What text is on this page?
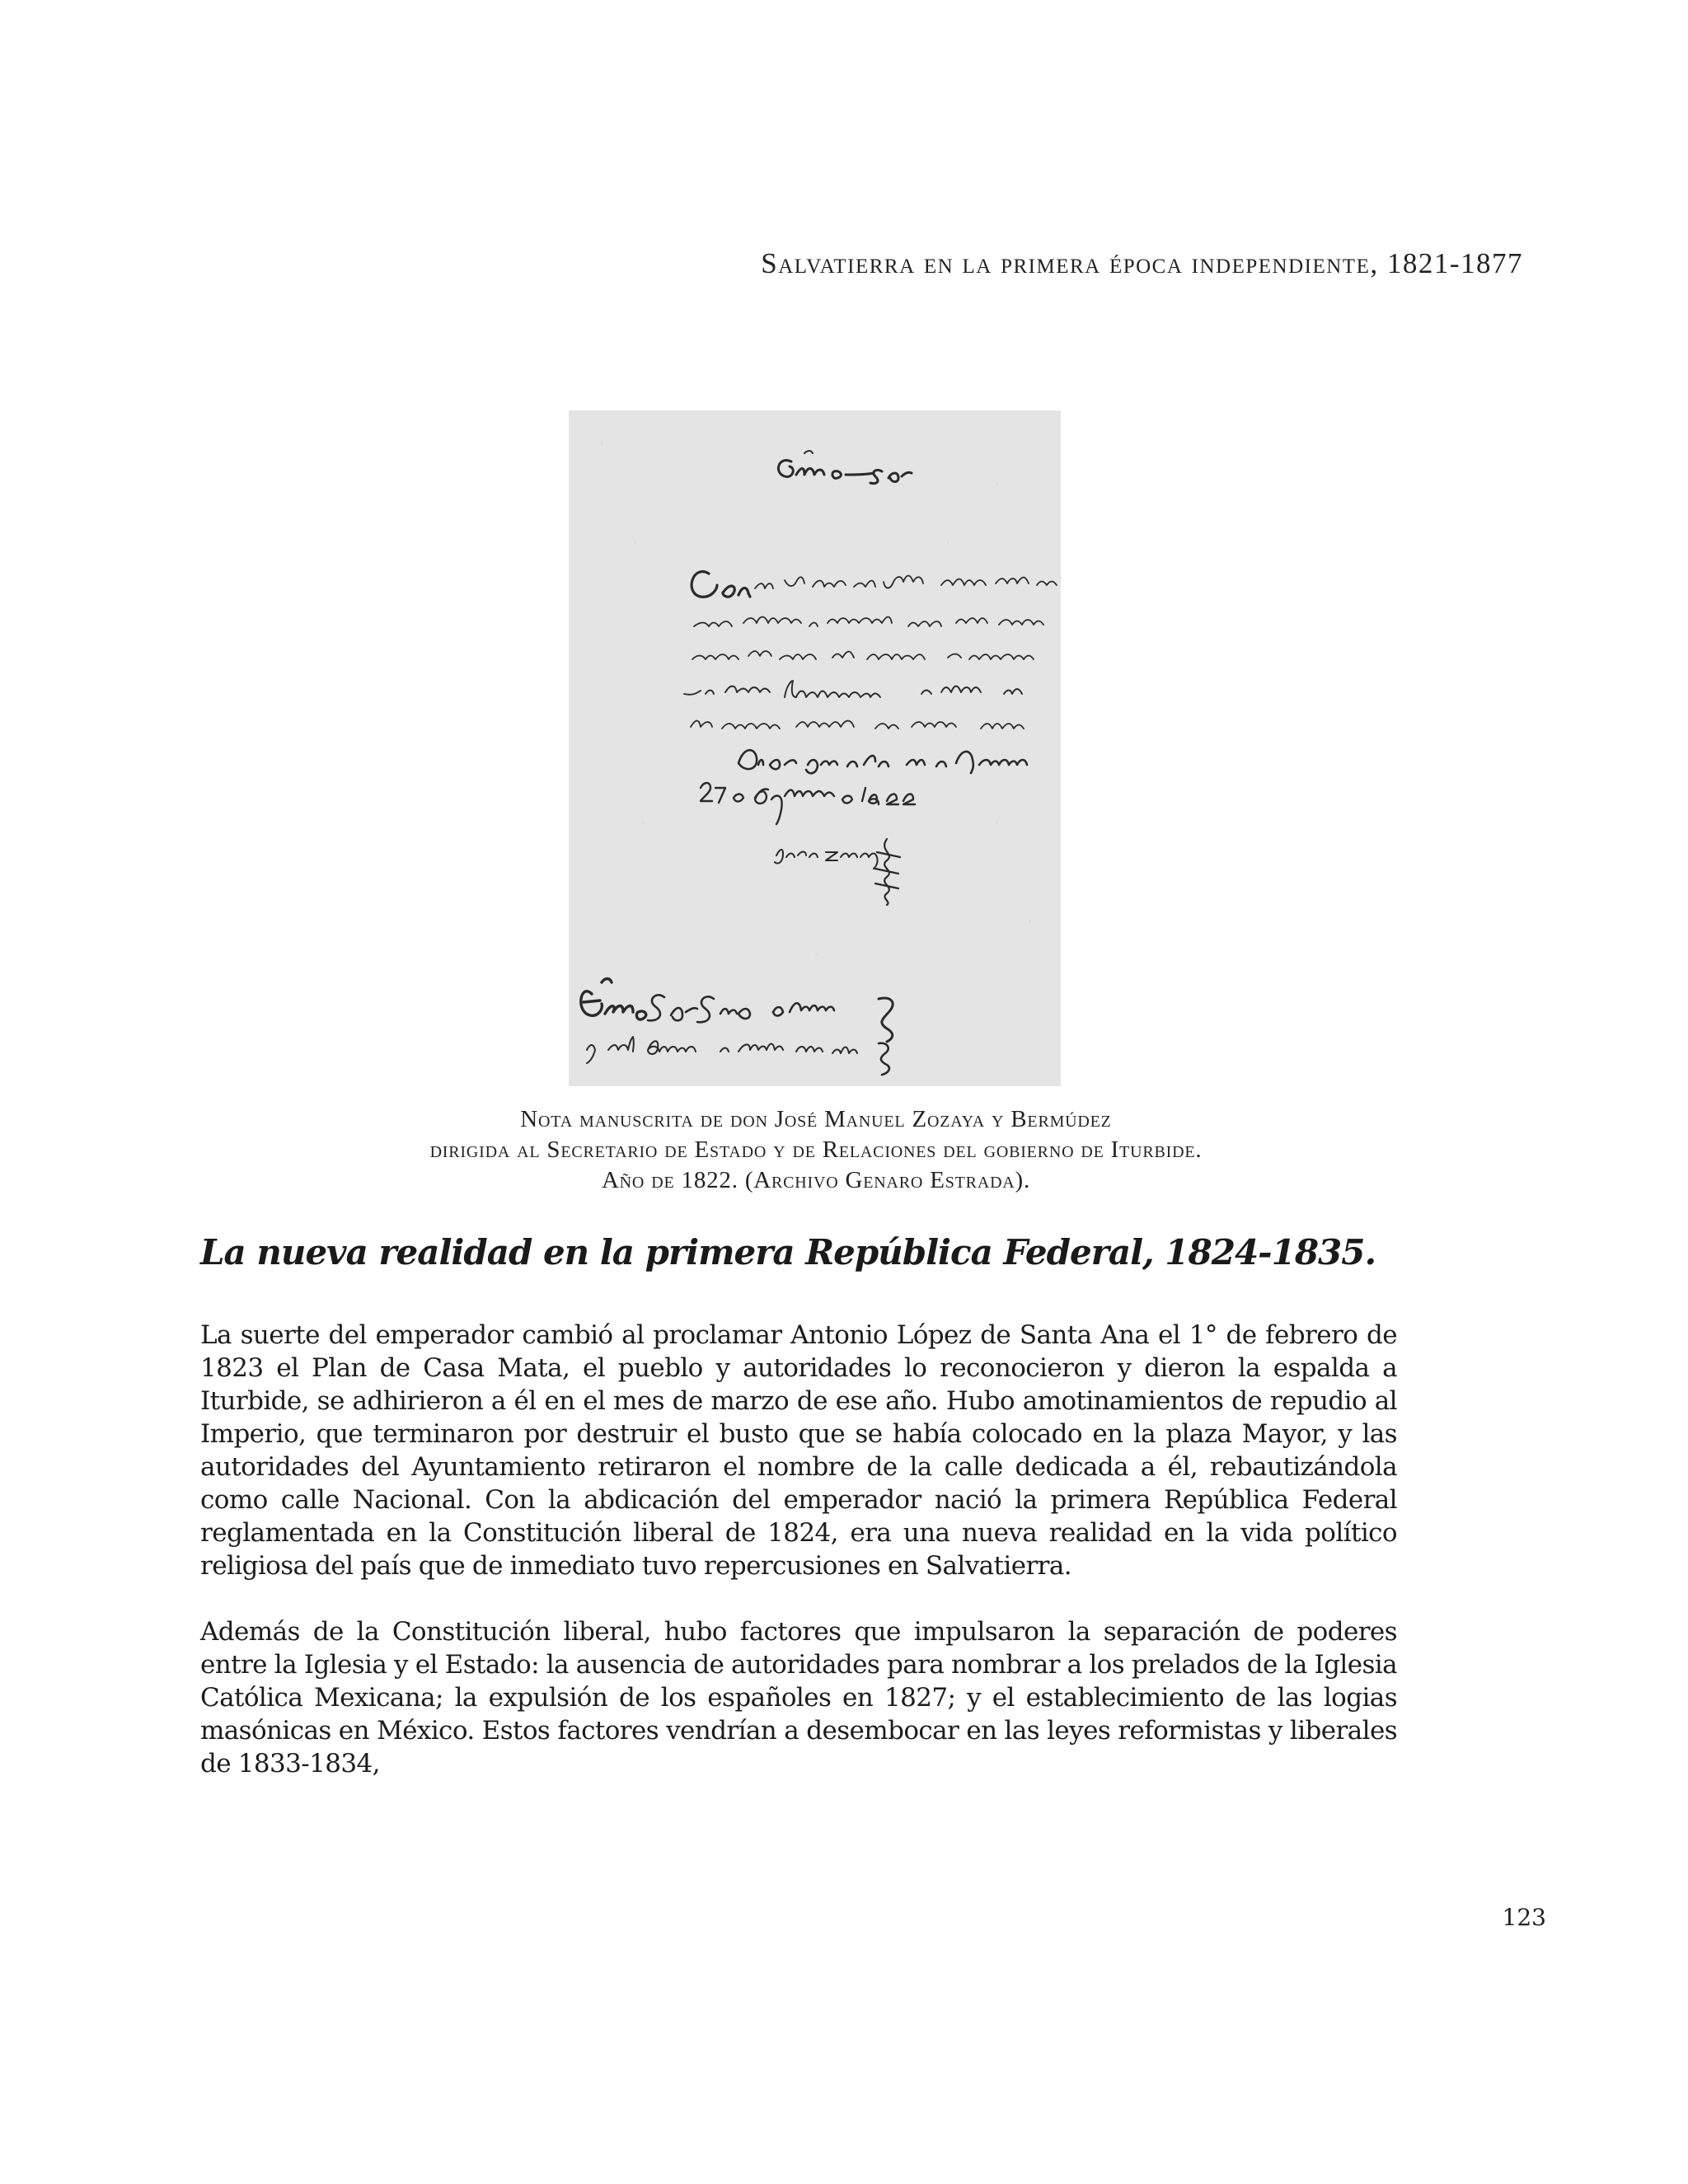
Salvatierra en la primera época independiente, 1821-1877
Nota manuscrita de don José Manuel Zozaya y Bermúdez
dirigida al Secretario de Estado y de Relaciones del gobierno de Iturbide.
Año de 1822. (Archivo Genaro Estrada).
La nueva realidad en la primera República Federal, 1824-1835.

La suerte del emperador cambió al proclamar Antonio López de Santa Ana el 1° de febrero de 1823 el Plan de Casa Mata, el pueblo y autoridades lo reconocieron y dieron la espalda a Iturbide, se adhirieron a él en el mes de marzo de ese año. Hubo amotinamientos de repudio al Imperio, que terminaron por destruir el busto que se había colocado en la plaza Mayor, y las autoridades del Ayuntamiento retiraron el nombre de la calle dedicada a él, rebautizándola como calle Nacional. Con la abdicación del emperador nació la primera República Federal reglamentada en la Constitución liberal de 1824, era una nueva realidad en la vida político religiosa del país que de inmediato tuvo repercusiones en Salvatierra.

Además de la Constitución liberal, hubo factores que impulsaron la separación de poderes entre la Iglesia y el Estado: la ausencia de autoridades para nombrar a los prelados de la Iglesia Católica Mexicana; la expulsión de los españoles en 1827; y el establecimiento de las logias masónicas en México. Estos factores vendrían a desembocar en las leyes reformistas y liberales de 1833-1834,

123
